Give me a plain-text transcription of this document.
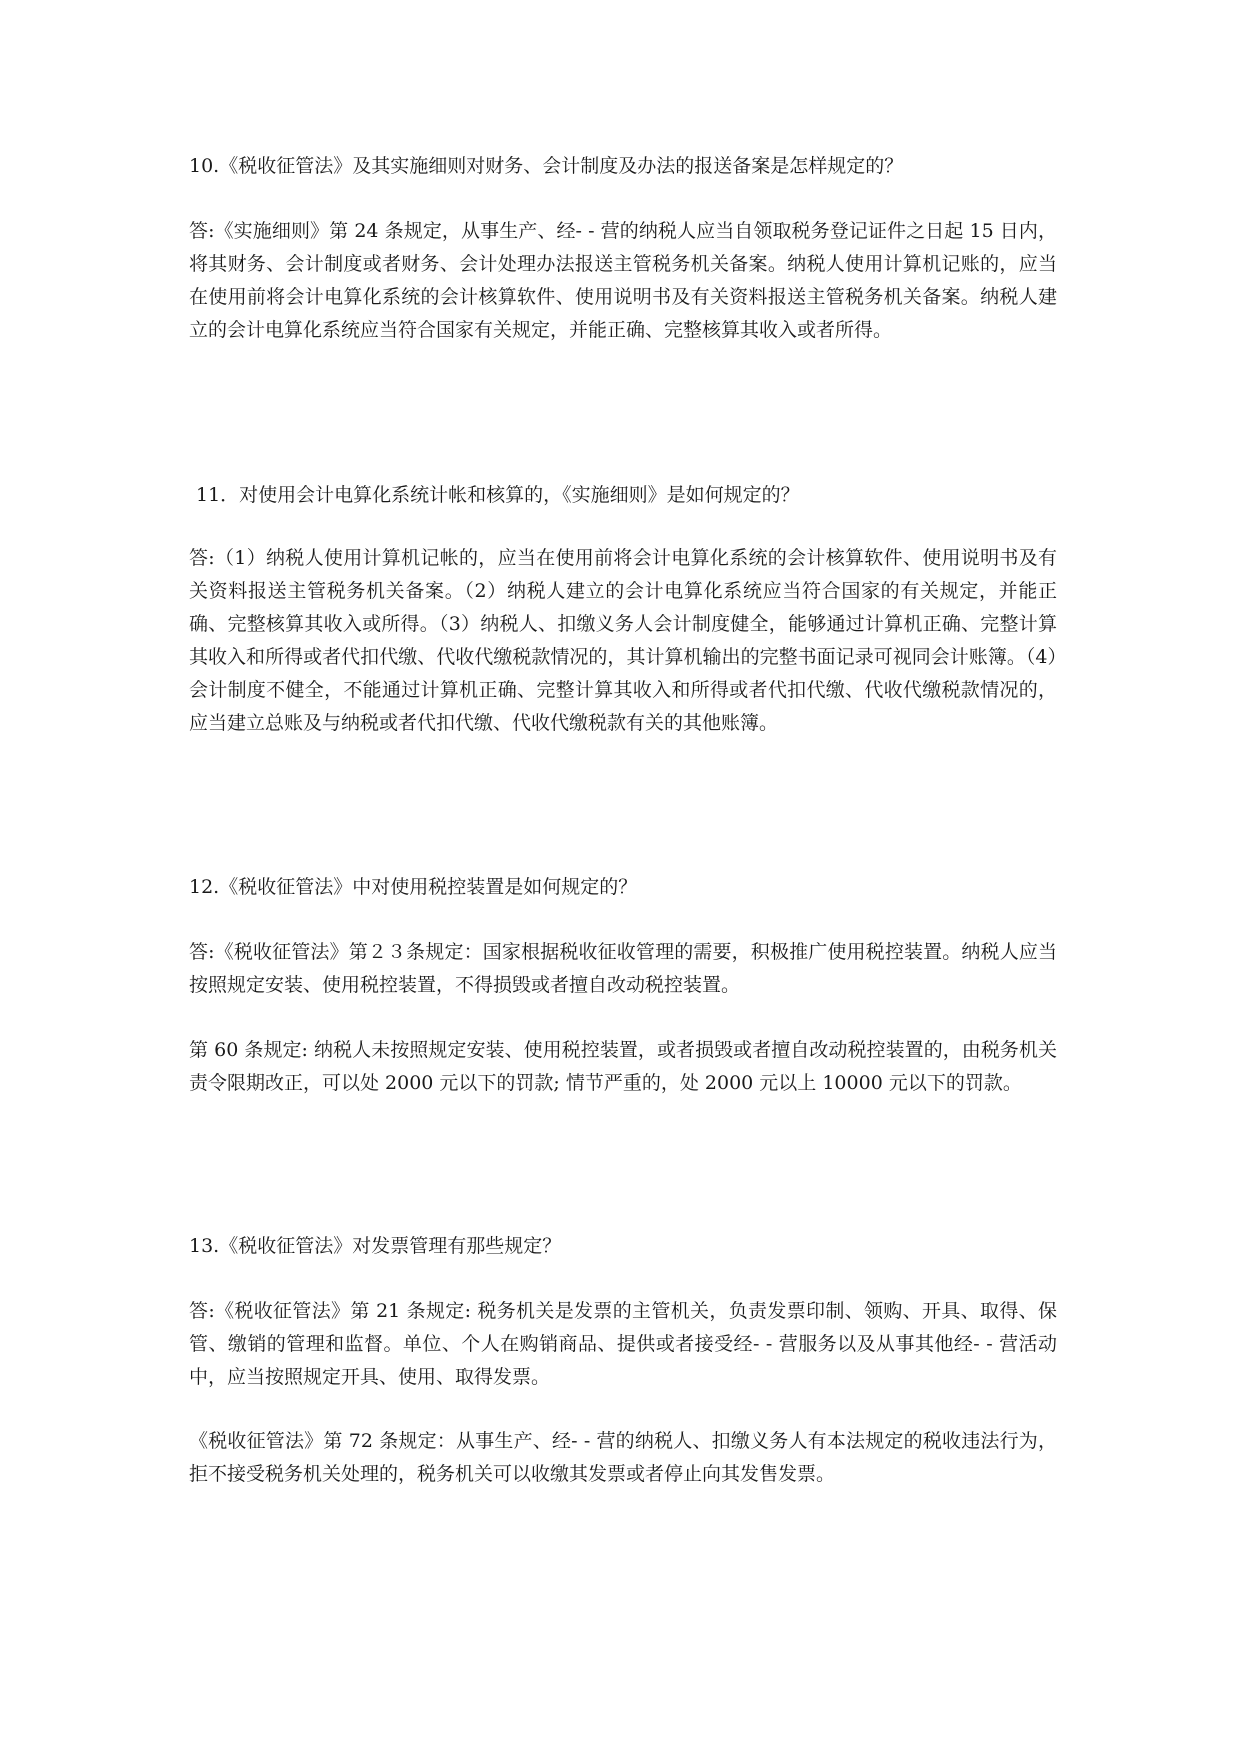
10.《税收征管法》及其实施细则对财务、会计制度及办法的报送备案是怎样规定的？

答:《实施细则》第 24 条规定，从事生产、经- - 营的纳税人应当自领取税务登记证件之日起 15 日内，将其财务、会计制度或者财务、会计处理办法报送主管税务机关备案。纳税人使用计算机记账的，应当在使用前将会计电算化系统的会计核算软件、使用说明书及有关资料报送主管税务机关备案。纳税人建立的会计电算化系统应当符合国家有关规定，并能正确、完整核算其收入或者所得。

11．对使用会计电算化系统计帐和核算的，《实施细则》是如何规定的？

答:（1）纳税人使用计算机记帐的，应当在使用前将会计电算化系统的会计核算软件、使用说明书及有关资料报送主管税务机关备案。（2）纳税人建立的会计电算化系统应当符合国家的有关规定，并能正确、完整核算其收入或所得。（3）纳税人、扣缴义务人会计制度健全，能够通过计算机正确、完整计算其收入和所得或者代扣代缴、代收代缴税款情况的，其计算机输出的完整书面记录可视同会计账簿。（4）会计制度不健全，不能通过计算机正确、完整计算其收入和所得或者代扣代缴、代收代缴税款情况的，应当建立总账及与纳税或者代扣代缴、代收代缴税款有关的其他账簿。

12.《税收征管法》中对使用税控装置是如何规定的？

答:《税收征管法》第２３条规定：国家根据税收征收管理的需要，积极推广使用税控装置。纳税人应当按照规定安装、使用税控装置，不得损毁或者擅自改动税控装置。

第 60 条规定: 纳税人未按照规定安装、使用税控装置，或者损毁或者擅自改动税控装置的，由税务机关责令限期改正，可以处 2000 元以下的罚款; 情节严重的，处 2000 元以上 10000 元以下的罚款。

13.《税收征管法》对发票管理有那些规定？

答:《税收征管法》第 21 条规定: 税务机关是发票的主管机关，负责发票印制、领购、开具、取得、保管、缴销的管理和监督。单位、个人在购销商品、提供或者接受经- - 营服务以及从事其他经- - 营活动中，应当按照规定开具、使用、取得发票。

《税收征管法》第 72 条规定：从事生产、经- - 营的纳税人、扣缴义务人有本法规定的税收违法行为，拒不接受税务机关处理的，税务机关可以收缴其发票或者停止向其发售发票。
